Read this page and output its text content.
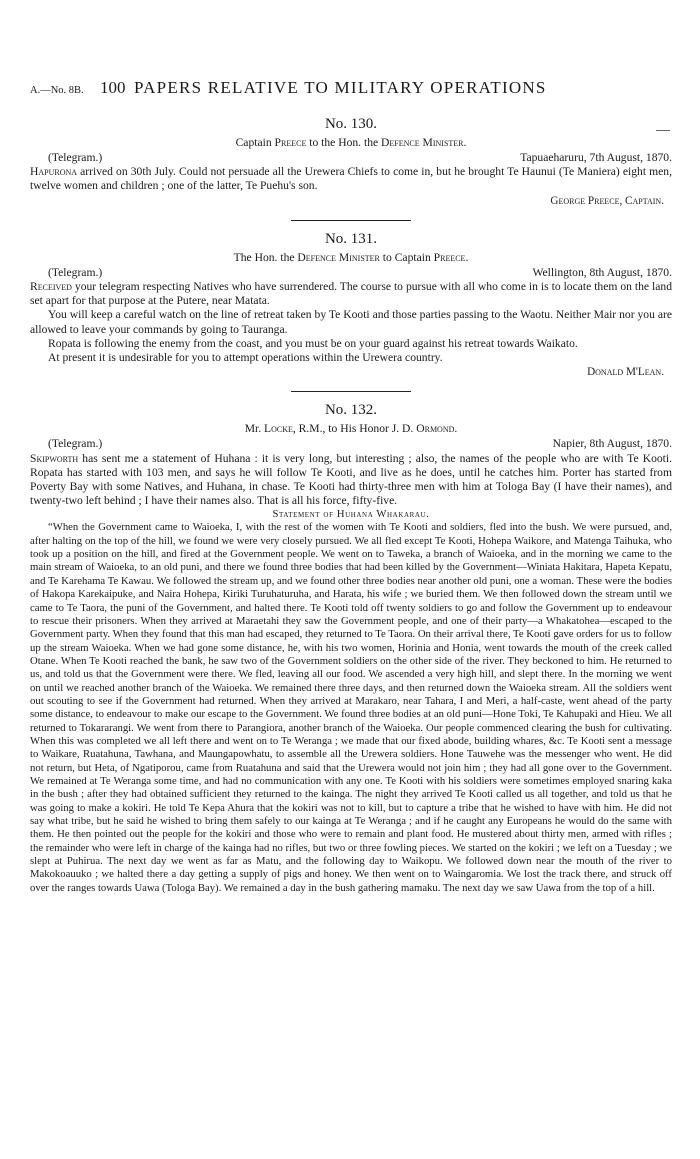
A.—No. 8B. 100 PAPERS RELATIVE TO MILITARY OPERATIONS
No. 130.
Captain Preece to the Hon. the Defence Minister.
(Telegram.)	Tapuaeharuru, 7th August, 1870.

Hapurona arrived on 30th July. Could not persuade all the Urewera Chiefs to come in, but he brought Te Haunui (Te Maniera) eight men, twelve women and children ; one of the latter, Te Puehu's son.

George Preece, Captain.
No. 131.
The Hon. the Defence Minister to Captain Preece.
(Telegram.)	Wellington, 8th August, 1870.

Received your telegram respecting Natives who have surrendered. The course to pursue with all who come in is to locate them on the land set apart for that purpose at the Putere, near Matata.

You will keep a careful watch on the line of retreat taken by Te Kooti and those parties passing to the Waotu. Neither Mair nor you are allowed to leave your commands by going to Tauranga.

Ropata is following the enemy from the coast, and you must be on your guard against his retreat towards Waikato.

At present it is undesirable for you to attempt operations within the Urewera country.

Donald M'Lean.
No. 132.
Mr. Locke, R.M., to His Honor J. D. Ormond.
(Telegram.)	Napier, 8th August, 1870.

Skipworth has sent me a statement of Huhana : it is very long, but interesting ; also, the names of the people who are with Te Kooti. Ropata has started with 103 men, and says he will follow Te Kooti, and live as he does, until he catches him. Porter has started from Poverty Bay with some Natives, and Huhana, in chase. Te Kooti had thirty-three men with him at Tologa Bay (I have their names), and twenty-two left behind ; I have their names also. That is all his force, fifty-five.

Statement of Huhana Whakarau.

“When the Government came to Waioeka, I, with the rest of the women with Te Kooti and soldiers, fled into the bush. We were pursued, and, after halting on the top of the hill, we found we were very closely pursued. We all fled except Te Kooti, Hohepa Waikore, and Matenga Taihuka, who took up a position on the hill, and fired at the Government people. We went on to Taweka, a branch of Waioeka, and in the morning we came to the main stream of Waioeka, to an old puni, and there we found three bodies that had been killed by the Government—Winiata Hakitara, Hapeta Kepatu, and Te Karehama Te Kawau. We followed the stream up, and we found other three bodies near another old puni, one a woman. These were the bodies of Hakopa Karekaipuke, and Naira Hohepa, Kiriki Turuhaturuha, and Harata, his wife ; we buried them. We then followed down the stream until we came to Te Taora, the puni of the Government, and halted there. Te Kooti told off twenty soldiers to go and follow the Government up to endeavour to rescue their prisoners. When they arrived at Maraetahi they saw the Government people, and one of their party—a Whakatohea—escaped to the Government party. When they found that this man had escaped, they returned to Te Taora. On their arrival there, Te Kooti gave orders for us to follow up the stream Waioeka. When we had gone some distance, he, with his two women, Horinia and Honia, went towards the mouth of the creek called Otane. When Te Kooti reached the bank, he saw two of the Government soldiers on the other side of the river. They beckoned to him. He returned to us, and told us that the Government were there. We fled, leaving all our food. We ascended a very high hill, and slept there. In the morning we went on until we reached another branch of the Waioeka. We remained there three days, and then returned down the Waioeka stream. All the soldiers went out scouting to see if the Government had returned. When they arrived at Marakaro, near Tahara, I and Meri, a half-caste, went ahead of the party some distance, to endeavour to make our escape to the Government. We found three bodies at an old puni—Hone Toki, Te Kahupaki and Hieu. We all returned to Tokararangi. We went from there to Parangiora, another branch of the Waioeka. Our people commenced clearing the bush for cultivating. When this was completed we all left there and went on to Te Weranga ; we made that our fixed abode, building whares, &c. Te Kooti sent a message to Waikare, Ruatahuna, Tawhana, and Maungapowhatu, to assemble all the Urewera soldiers. Hone Tauwehe was the messenger who went. He did not return, but Heta, of Ngatiporou, came from Ruatahuna and said that the Urewera would not join him ; they had all gone over to the Government. We remained at Te Weranga some time, and had no communication with any one. Te Kooti with his soldiers were sometimes employed snaring kaka in the bush ; after they had obtained sufficient they returned to the kainga. The night they arrived Te Kooti called us all together, and told us that he was going to make a kokiri. He told Te Kepa Ahura that the kokiri was not to kill, but to capture a tribe that he wished to have with him. He did not say what tribe, but he said he wished to bring them safely to our kainga at Te Weranga ; and if he caught any Europeans he would do the same with them. He then pointed out the people for the kokiri and those who were to remain and plant food. He mustered about thirty men, armed with rifles ; the remainder who were left in charge of the kainga had no rifles, but two or three fowling pieces. We started on the kokiri ; we left on a Tuesday ; we slept at Puhirua. The next day we went as far as Matu, and the following day to Waikopu. We followed down near the mouth of the river to Makokoauuko ; we halted there a day getting a supply of pigs and honey. We then went on to Waingaromia. We lost the track there, and struck off over the ranges towards Uawa (Tologa Bay). We remained a day in the bush gathering mamaku. The next day we saw Uawa from the top of a hill.
